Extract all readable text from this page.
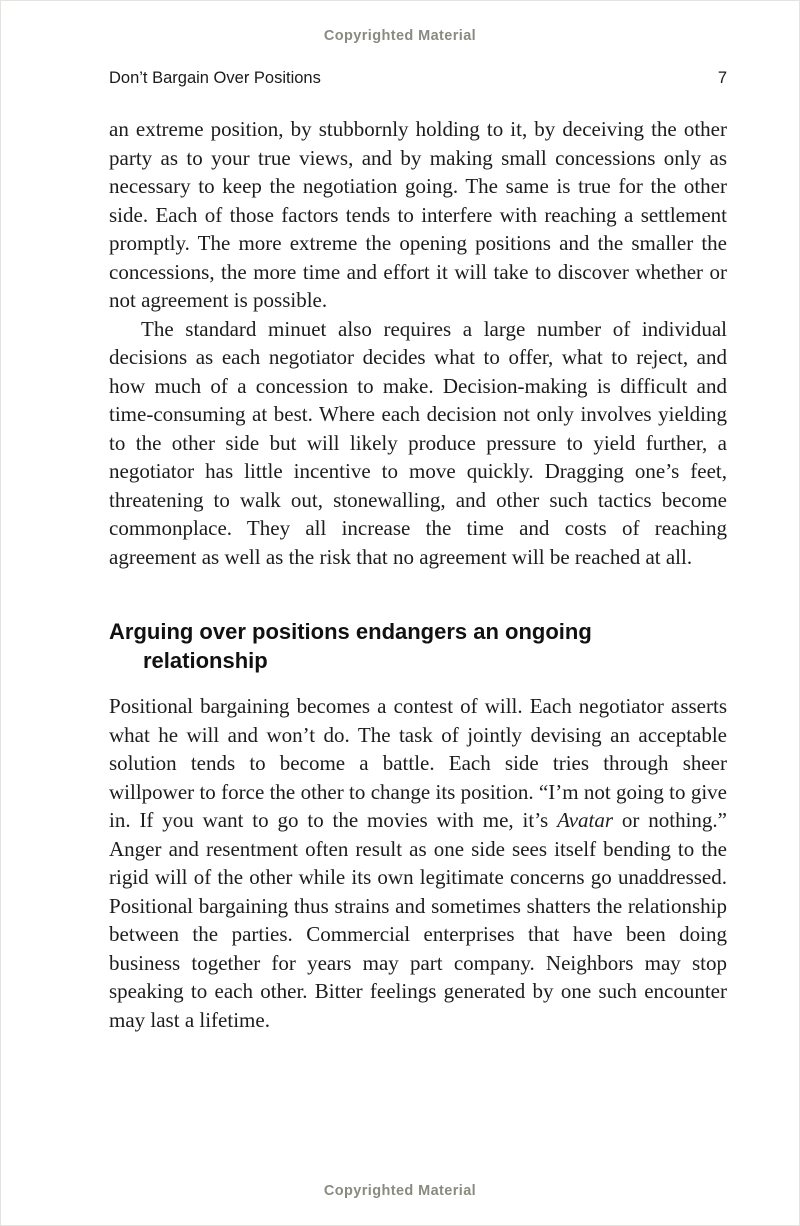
Copyrighted Material
Don’t Bargain Over Positions	7

an extreme position, by stubbornly holding to it, by deceiving the other party as to your true views, and by making small concessions only as necessary to keep the negotiation going. The same is true for the other side. Each of those factors tends to interfere with reaching a settlement promptly. The more extreme the opening positions and the smaller the concessions, the more time and effort it will take to discover whether or not agreement is possible.

The standard minuet also requires a large number of individual decisions as each negotiator decides what to offer, what to reject, and how much of a concession to make. Decision-making is difficult and time-consuming at best. Where each decision not only involves yielding to the other side but will likely produce pressure to yield further, a negotiator has little incentive to move quickly. Dragging one’s feet, threatening to walk out, stonewalling, and other such tactics become commonplace. They all increase the time and costs of reaching agreement as well as the risk that no agreement will be reached at all.

Arguing over positions endangers an ongoing
relationship

Positional bargaining becomes a contest of will. Each negotiator asserts what he will and won’t do. The task of jointly devising an acceptable solution tends to become a battle. Each side tries through sheer willpower to force the other to change its position. “I’m not going to give in. If you want to go to the movies with me, it’s Avatar or nothing.” Anger and resentment often result as one side sees itself bending to the rigid will of the other while its own legitimate concerns go unaddressed. Positional bargaining thus strains and sometimes shatters the relationship between the parties. Commercial enterprises that have been doing business together for years may part company. Neighbors may stop speaking to each other. Bitter feelings generated by one such encounter may last a lifetime.

Copyrighted Material
